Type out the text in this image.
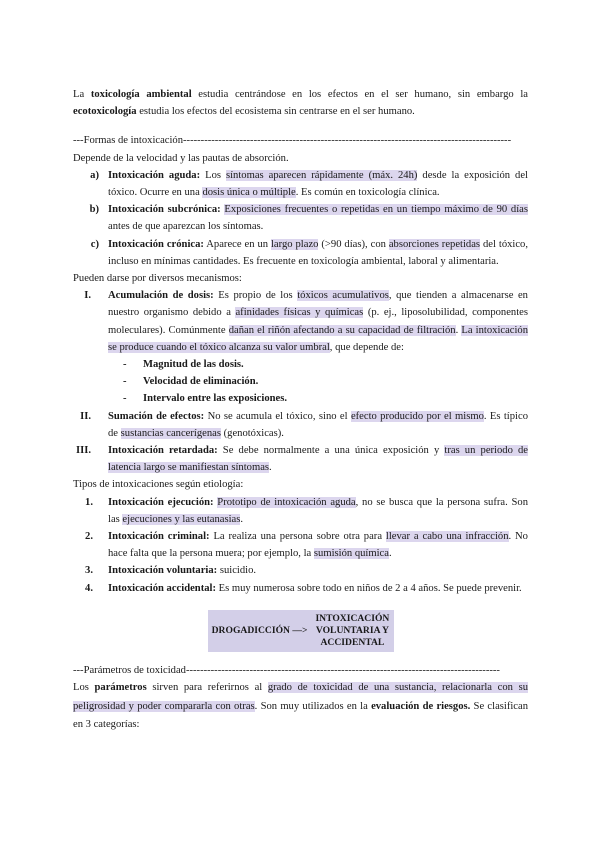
La toxicología ambiental estudia centrándose en los efectos en el ser humano, sin embargo la ecotoxicología estudia los efectos del ecosistema sin centrarse en el ser humano.

---Formas de intoxicación---------------------------------------------------------------------------------------------

Depende de la velocidad y las pautas de absorción.

a) Intoxicación aguda: Los síntomas aparecen rápidamente (máx. 24h) desde la exposición del tóxico. Ocurre en una dosis única o múltiple. Es común en toxicología clínica.

b) Intoxicación subcrónica: Exposiciones frecuentes o repetidas en un tiempo máximo de 90 días antes de que aparezcan los síntomas.

c) Intoxicación crónica: Aparece en un largo plazo (>90 días), con absorciones repetidas del tóxico, incluso en mínimas cantidades. Es frecuente en toxicología ambiental, laboral y alimentaria.

Pueden darse por diversos mecanismos:

I.	Acumulación de dosis: Es propio de los tóxicos acumulativos, que tienden a almacenarse en nuestro organismo debido a afinidades físicas y químicas (p. ej., liposolubilidad, componentes moleculares). Comúnmente dañan el riñón afectando a su capacidad de filtración. La intoxicación se produce cuando el tóxico alcanza su valor umbral, que depende de:

-	Magnitud de las dosis.
-	Velocidad de eliminación.
-	Intervalo entre las exposiciones.
II.	Sumación de efectos: No se acumula el tóxico, sino el efecto producido por el mismo. Es típico de sustancias cancerígenas (genotóxicas).

III.	Intoxicación retardada: Se debe normalmente a una única exposición y tras un periodo de latencia largo se manifiestan síntomas.

Tipos de intoxicaciones según etiología:

1.	Intoxicación ejecución: Prototipo de intoxicación aguda, no se busca que la persona sufra. Son las ejecuciones y las eutanasias.

2.	Intoxicación criminal: La realiza una persona sobre otra para llevar a cabo una infracción. No hace falta que la persona muera; por ejemplo, la sumisión química.

3.	Intoxicación voluntaria: suicidio.

4.	Intoxicación accidental: Es muy numerosa sobre todo en niños de 2 a 4 años. Se puede prevenir.

DROGADICCIÓN —>
INTOXICACIÓN
VOLUNTARIA Y
ACCIDENTAL

---Parámetros de toxicidad-----------------------------------------------------------------------------------------

Los parámetros sirven para referirnos al grado de toxicidad de una sustancia, relacionarla con su peligrosidad y poder compararla con otras. Son muy utilizados en la evaluación de riesgos. Se clasifican en 3 categorías:
